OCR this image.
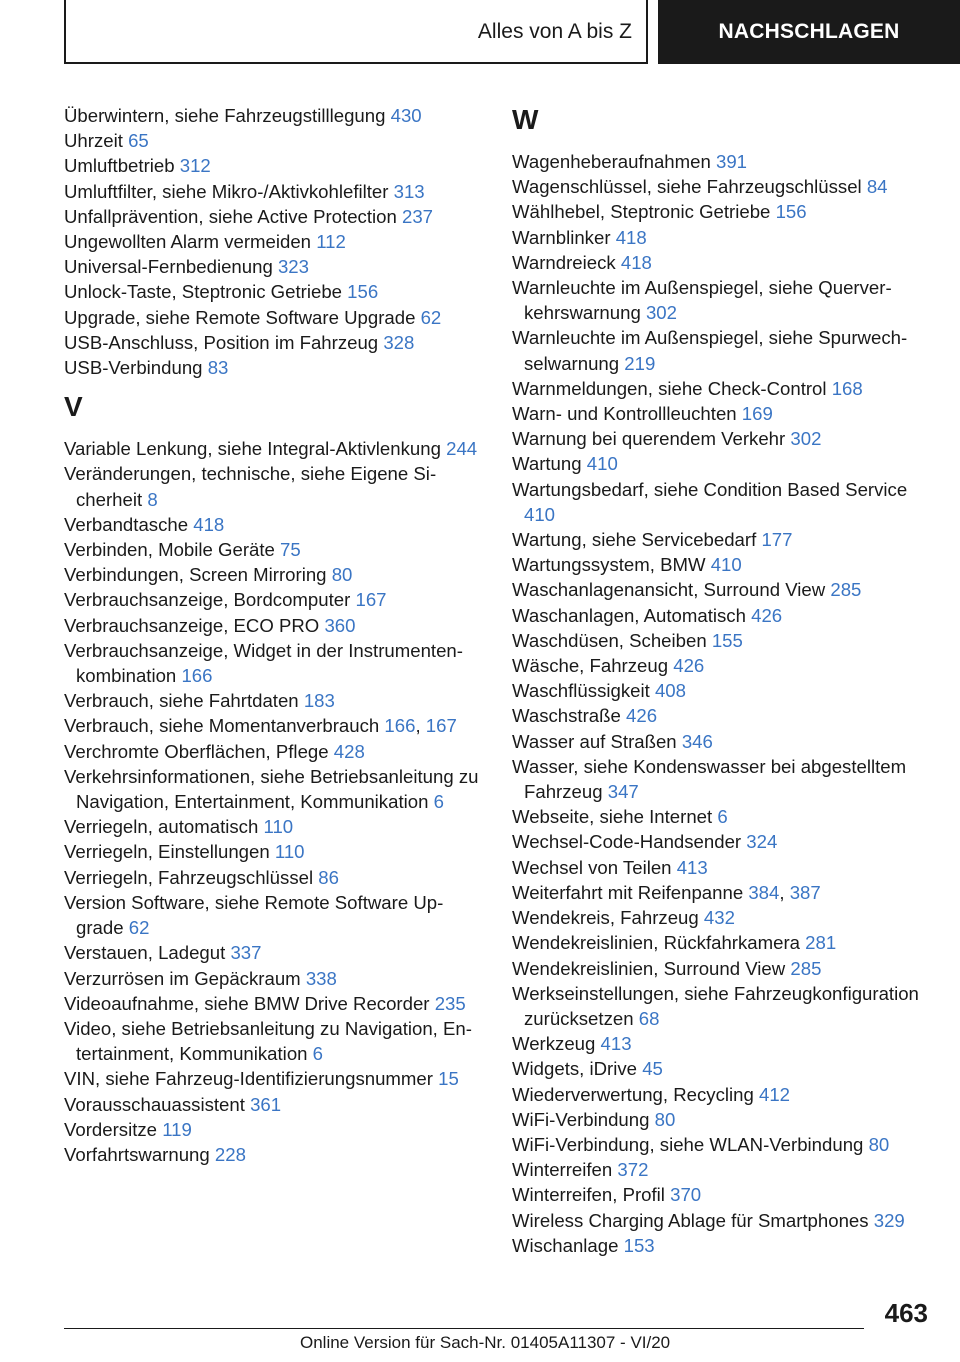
Alles von A bis Z	NACHSCHLAGEN
Überwintern, siehe Fahrzeugstilllegung 430
Uhrzeit 65
Umluftbetrieb 312
Umluftfilter, siehe Mikro-/Aktivkohlefilter 313
Unfallprävention, siehe Active Protection 237
Ungewollten Alarm vermeiden 112
Universal-Fernbedienung 323
Unlock-Taste, Steptronic Getriebe 156
Upgrade, siehe Remote Software Upgrade 62
USB-Anschluss, Position im Fahrzeug 328
USB-Verbindung 83
V
Variable Lenkung, siehe Integral-Aktivlenkung 244
Veränderungen, technische, siehe Eigene Sicherheit 8
Verbandtasche 418
Verbinden, Mobile Geräte 75
Verbindungen, Screen Mirroring 80
Verbrauchsanzeige, Bordcomputer 167
Verbrauchsanzeige, ECO PRO 360
Verbrauchsanzeige, Widget in der Instrumentenkombination 166
Verbrauch, siehe Fahrtdaten 183
Verbrauch, siehe Momentanverbrauch 166, 167
Verchromte Oberflächen, Pflege 428
Verkehrsinformationen, siehe Betriebsanleitung zu Navigation, Entertainment, Kommunikation 6
Verriegeln, automatisch 110
Verriegeln, Einstellungen 110
Verriegeln, Fahrzeugschlüssel 86
Version Software, siehe Remote Software Upgrade 62
Verstauen, Ladegut 337
Verzurrösen im Gepäckraum 338
Videoaufnahme, siehe BMW Drive Recorder 235
Video, siehe Betriebsanleitung zu Navigation, Entertainment, Kommunikation 6
VIN, siehe Fahrzeug-Identifizierungsnummer 15
Vorausschauassistent 361
Vordersitze 119
Vorfahrtswarnung 228
W
Wagenheberaufnahmen 391
Wagenschlüssel, siehe Fahrzeugschlüssel 84
Wählhebel, Steptronic Getriebe 156
Warnblinker 418
Warndreieck 418
Warnleuchte im Außenspiegel, siehe Querverkehrswarnung 302
Warnleuchte im Außenspiegel, siehe Spurwechselwarnung 219
Warnmeldungen, siehe Check-Control 168
Warn- und Kontrollleuchten 169
Warnung bei querendem Verkehr 302
Wartung 410
Wartungsbedarf, siehe Condition Based Service 410
Wartung, siehe Servicebedarf 177
Wartungssystem, BMW 410
Waschanlagenansicht, Surround View 285
Waschanlagen, Automatisch 426
Waschdüsen, Scheiben 155
Wäsche, Fahrzeug 426
Waschflüssigkeit 408
Waschstraße 426
Wasser auf Straßen 346
Wasser, siehe Kondenswasser bei abgestelltem Fahrzeug 347
Webseite, siehe Internet 6
Wechsel-Code-Handsender 324
Wechsel von Teilen 413
Weiterfahrt mit Reifenpanne 384, 387
Wendekreis, Fahrzeug 432
Wendekreislinien, Rückfahrkamera 281
Wendekreislinien, Surround View 285
Werkseinstellungen, siehe Fahrzeugkonfiguration zurücksetzen 68
Werkzeug 413
Widgets, iDrive 45
Wiederverwertung, Recycling 412
WiFi-Verbindung 80
WiFi-Verbindung, siehe WLAN-Verbindung 80
Winterreifen 372
Winterreifen, Profil 370
Wireless Charging Ablage für Smartphones 329
Wischanlage 153
463
Online Version für Sach-Nr. 01405A11307 - VI/20
